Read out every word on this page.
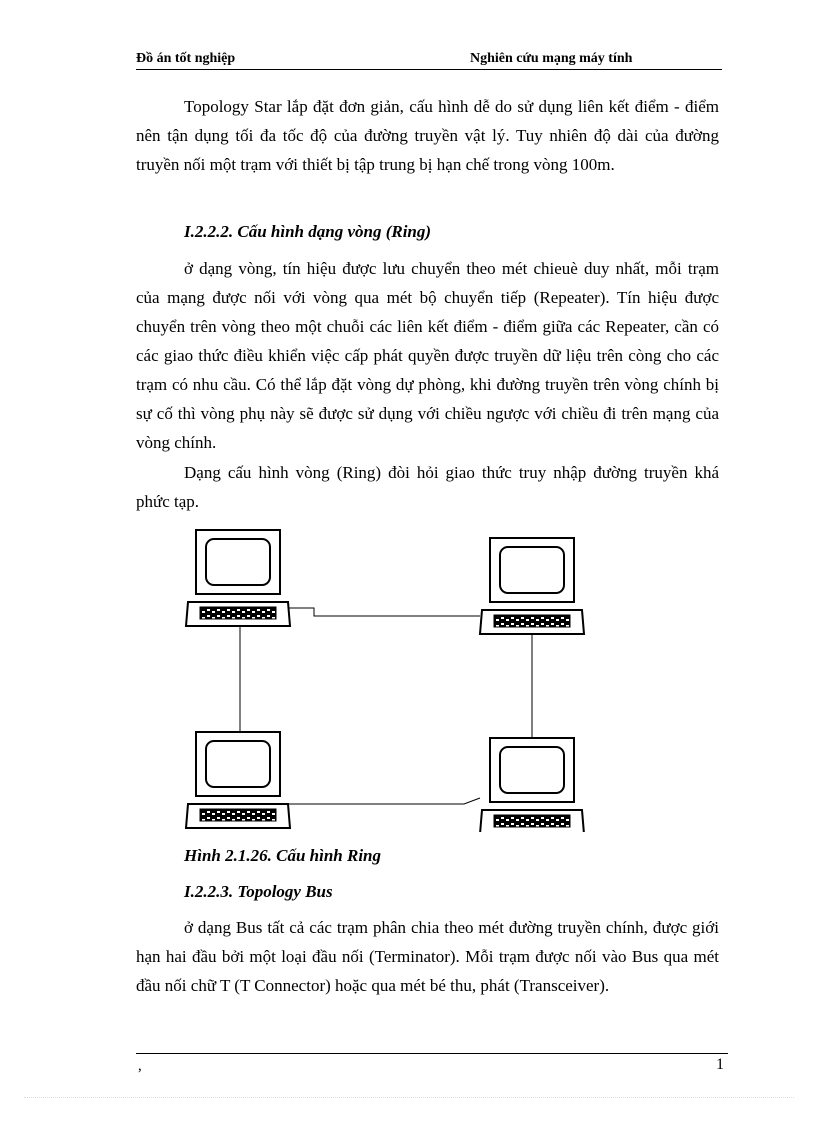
Đồ án tốt nghiệp	Nghiên cứu mạng máy tính

Topology Star lắp đặt đơn giản, cấu hình dễ do sử dụng liên kết điểm - điểm nên tận dụng tối đa tốc độ của đường truyền vật lý. Tuy nhiên độ dài của đường truyền nối một trạm với thiết bị tập trung bị hạn chế trong vòng 100m.

I.2.2.2. Cấu hình dạng vòng (Ring)

ở dạng vòng, tín hiệu được lưu chuyển theo mét chieuè duy nhất, mỗi trạm của mạng được nối với vòng qua mét bộ chuyển tiếp (Repeater). Tín hiệu được chuyển trên vòng theo một chuỗi các liên kết điểm - điểm giữa các Repeater, cần có các giao thức điều khiển việc cấp phát quyền được truyền dữ liệu trên còng cho các trạm có nhu cầu. Có thể lắp đặt vòng dự phòng, khi đường truyền trên vòng chính bị sự cố thì vòng phụ này sẽ được sử dụng với chiều ngược với chiều đi trên mạng của vòng chính.

Dạng cấu hình vòng (Ring) đòi hỏi giao thức truy nhập đường truyền khá phức tạp.

Hình 2.1.26. Cấu hình Ring

I.2.2.3. Topology Bus

ở dạng Bus tất cả các trạm phân chia theo mét đường truyền chính, được giới hạn hai đầu bởi một loại đầu nối (Terminator). Mỗi trạm được nối vào Bus qua mét đầu nối chữ T (T Connector) hoặc qua mét bé thu, phát (Transceiver).

,	1
